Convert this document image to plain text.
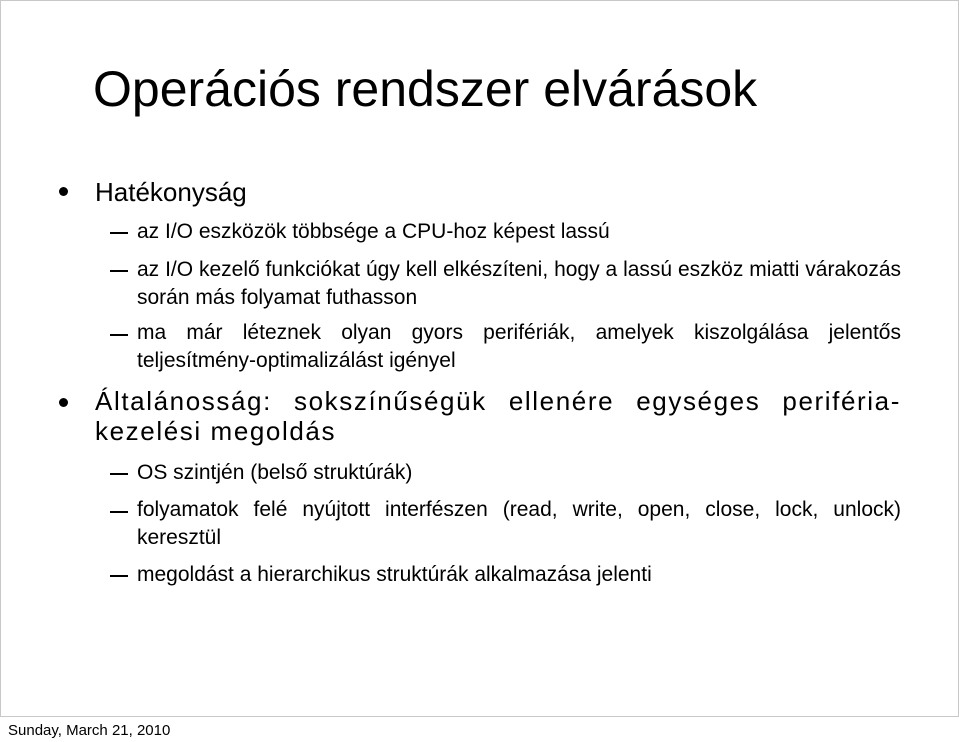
Operációs rendszer elvárások

Hatékonyság

az I/O eszközök többsége a CPU-hoz képest lassú

az I/O kezelő funkciókat úgy kell elkészíteni, hogy a lassú eszköz miatti várakozás során más folyamat futhasson

ma már léteznek olyan gyors perifériák, amelyek kiszolgálása jelentős teljesítmény-optimalizálást igényel

Általánosság: sokszínűségük ellenére egységes periféria-kezelési megoldás

OS szintjén (belső struktúrák)

folyamatok felé nyújtott interfészen (read, write, open, close, lock, unlock) keresztül

megoldást a hierarchikus struktúrák alkalmazása jelenti

Sunday, March 21, 2010
